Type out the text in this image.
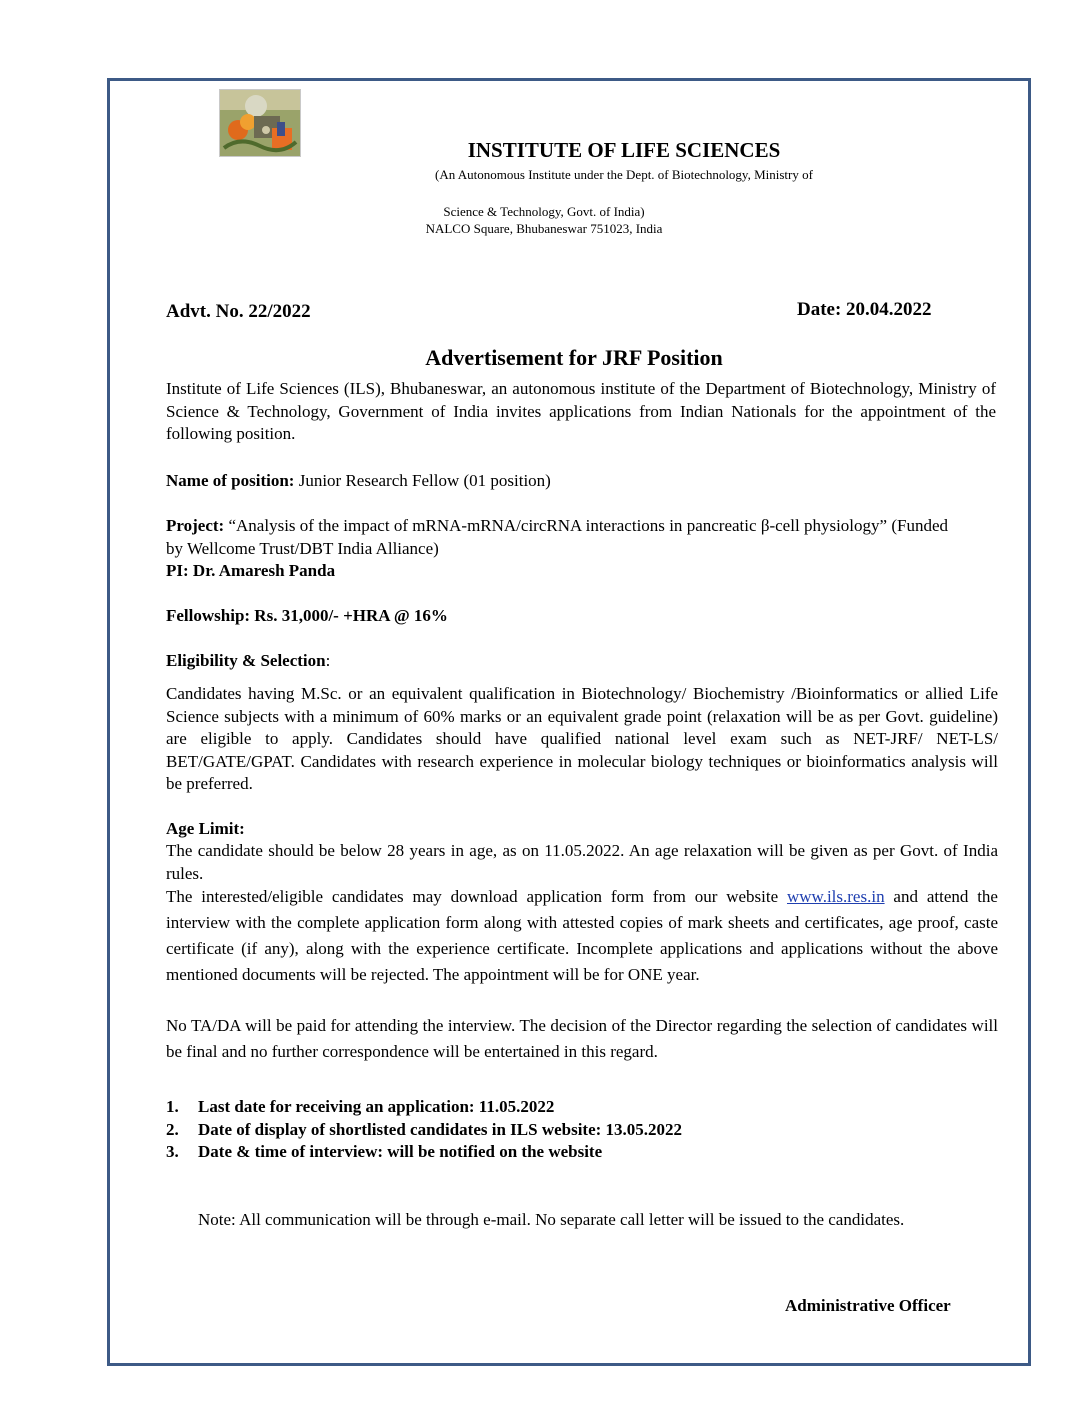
INSTITUTE OF LIFE SCIENCES
(An Autonomous Institute under the Dept. of Biotechnology, Ministry of
Science & Technology, Govt. of India)
NALCO Square, Bhubaneswar 751023, India
Advt. No. 22/2022	Date: 20.04.2022
Advertisement for JRF Position
Institute of Life Sciences (ILS), Bhubaneswar, an autonomous institute of the Department of Biotechnology, Ministry of Science & Technology, Government of India invites applications from Indian Nationals for the appointment of the following position.
Name of position: Junior Research Fellow (01 position)
Project: “Analysis of the impact of mRNA-mRNA/circRNA interactions in pancreatic β-cell physiology” (Funded by Wellcome Trust/DBT India Alliance)
PI: Dr. Amaresh Panda
Fellowship: Rs. 31,000/- +HRA @ 16%
Eligibility & Selection:
Candidates having M.Sc. or an equivalent qualification in Biotechnology/ Biochemistry /Bioinformatics or allied Life Science subjects with a minimum of 60% marks or an equivalent grade point (relaxation will be as per Govt. guideline) are eligible to apply. Candidates should have qualified national level exam such as NET-JRF/ NET-LS/ BET/GATE/GPAT. Candidates with research experience in molecular biology techniques or bioinformatics analysis will be preferred.
Age Limit:
The candidate should be below 28 years in age, as on 11.05.2022. An age relaxation will be given as per Govt. of India rules.
The interested/eligible candidates may download application form from our website www.ils.res.in and attend the interview with the complete application form along with attested copies of mark sheets and certificates, age proof, caste certificate (if any), along with the experience certificate. Incomplete applications and applications without the above mentioned documents will be rejected. The appointment will be for ONE year.
No TA/DA will be paid for attending the interview. The decision of the Director regarding the selection of candidates will be final and no further correspondence will be entertained in this regard.
1.	Last date for receiving an application: 11.05.2022
2.	Date of display of shortlisted candidates in ILS website: 13.05.2022
3.	Date & time of interview: will be notified on the website
Note: All communication will be through e-mail. No separate call letter will be issued to the candidates.
Administrative Officer
